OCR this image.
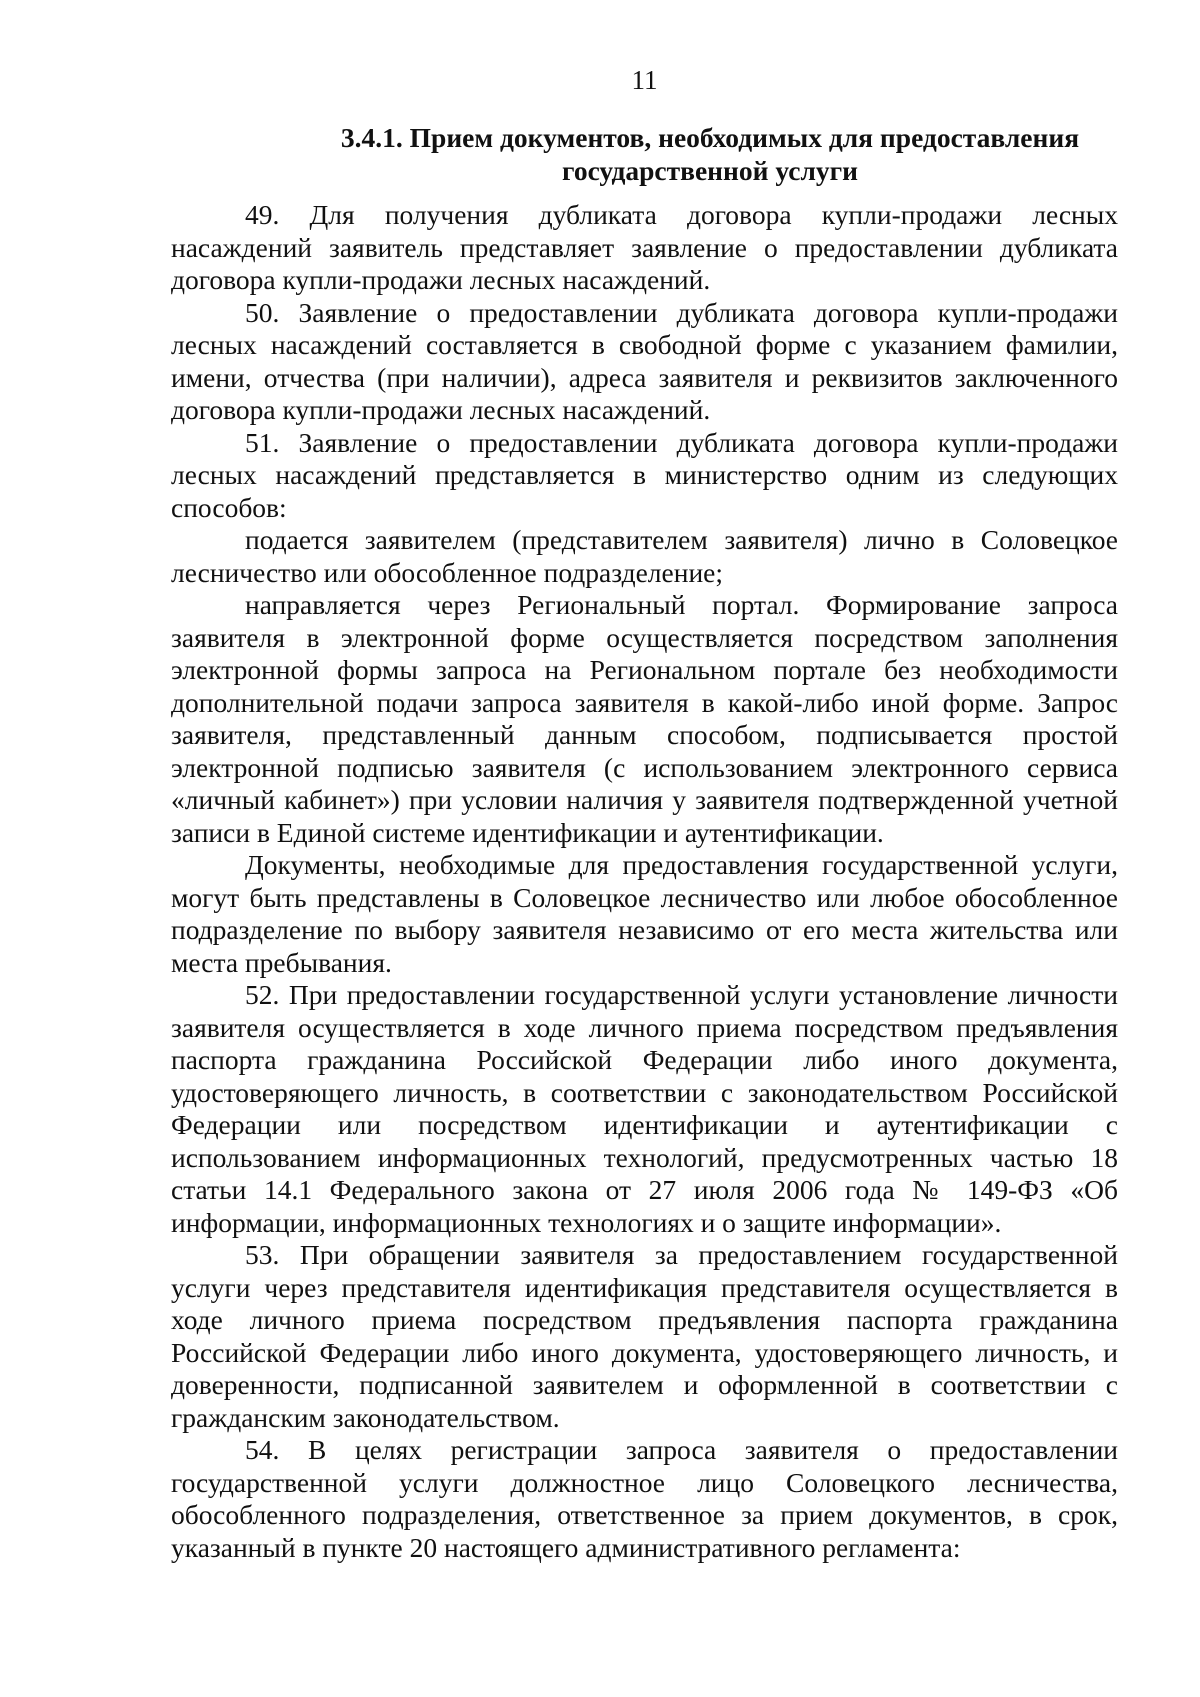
11
3.4.1. Прием документов, необходимых для предоставления
государственной услуги

49. Для получения дубликата договора купли-продажи лесных насаждений заявитель представляет заявление о предоставлении дубликата договора купли-продажи лесных насаждений.

50. Заявление о предоставлении дубликата договора купли-продажи лесных насаждений составляется в свободной форме с указанием фамилии, имени, отчества (при наличии), адреса заявителя и реквизитов заключенного договора купли-продажи лесных насаждений.

51. Заявление о предоставлении дубликата договора купли-продажи лесных насаждений представляется в министерство одним из следующих способов:

подается заявителем (представителем заявителя) лично в Соловецкое лесничество или обособленное подразделение;

направляется через Региональный портал. Формирование запроса заявителя в электронной форме осуществляется посредством заполнения электронной формы запроса на Региональном портале без необходимости дополнительной подачи запроса заявителя в какой-либо иной форме. Запрос заявителя, представленный данным способом, подписывается простой электронной подписью заявителя (с использованием электронного сервиса «личный кабинет») при условии наличия у заявителя подтвержденной учетной записи в Единой системе идентификации и аутентификации.

Документы, необходимые для предоставления государственной услуги, могут быть представлены в Соловецкое лесничество или любое обособленное подразделение по выбору заявителя независимо от его места жительства или места пребывания.

52. При предоставлении государственной услуги установление личности заявителя осуществляется в ходе личного приема посредством предъявления паспорта гражданина Российской Федерации либо иного документа, удостоверяющего личность, в соответствии с законодательством Российской Федерации или посредством идентификации и аутентификации с использованием информационных технологий, предусмотренных частью 18 статьи 14.1 Федерального закона от 27 июля 2006 года № 149-ФЗ «Об информации, информационных технологиях и о защите информации».

53. При обращении заявителя за предоставлением государственной услуги через представителя идентификация представителя осуществляется в ходе личного приема посредством предъявления паспорта гражданина Российской Федерации либо иного документа, удостоверяющего личность, и доверенности, подписанной заявителем и оформленной в соответствии с гражданским законодательством.

54. В целях регистрации запроса заявителя о предоставлении государственной услуги должностное лицо Соловецкого лесничества, обособленного подразделения, ответственное за прием документов, в срок, указанный в пункте 20 настоящего административного регламента:
